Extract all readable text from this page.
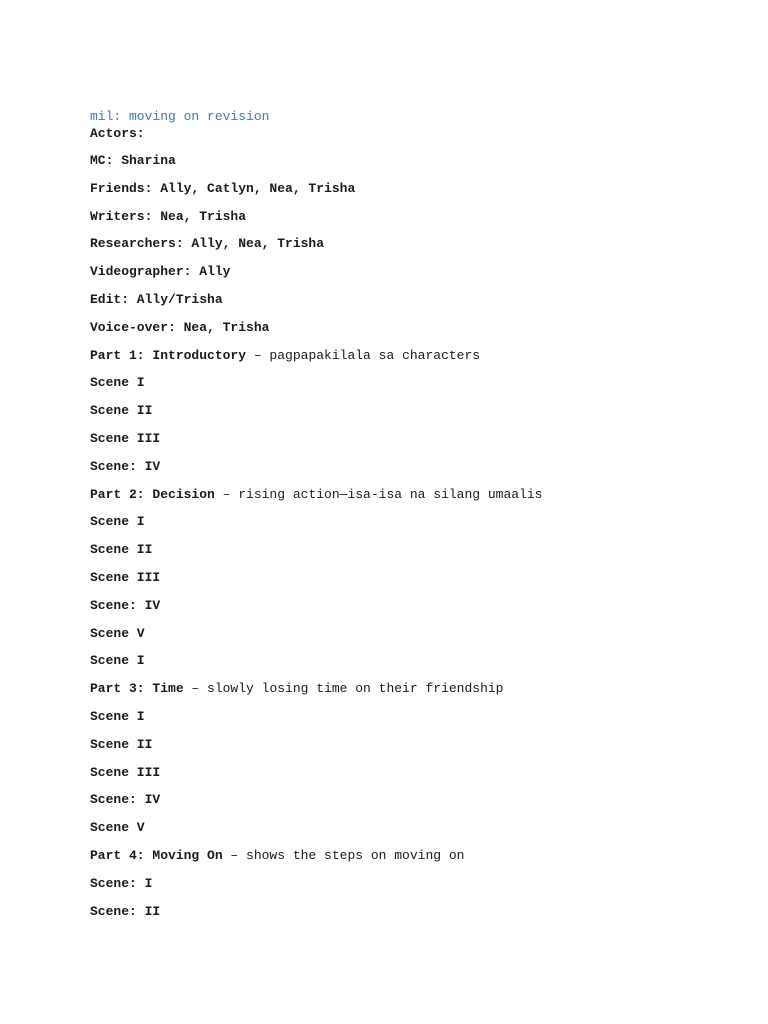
mil: moving on revision

Actors:
MC: Sharina
Friends: Ally, Catlyn, Nea, Trisha
Writers: Nea, Trisha
Researchers: Ally, Nea, Trisha
Videographer: Ally
Edit: Ally/Trisha
Voice-over: Nea, Trisha
Part 1: Introductory – pagpapakilala sa characters
Scene I
Scene II
Scene III
Scene: IV
Part 2: Decision – rising action—isa-isa na silang umaalis
Scene I
Scene II
Scene III
Scene: IV
Scene V
Scene I
Part 3: Time – slowly losing time on their friendship
Scene I
Scene II
Scene III
Scene: IV
Scene V
Part 4: Moving On – shows the steps on moving on
Scene: I
Scene: II
